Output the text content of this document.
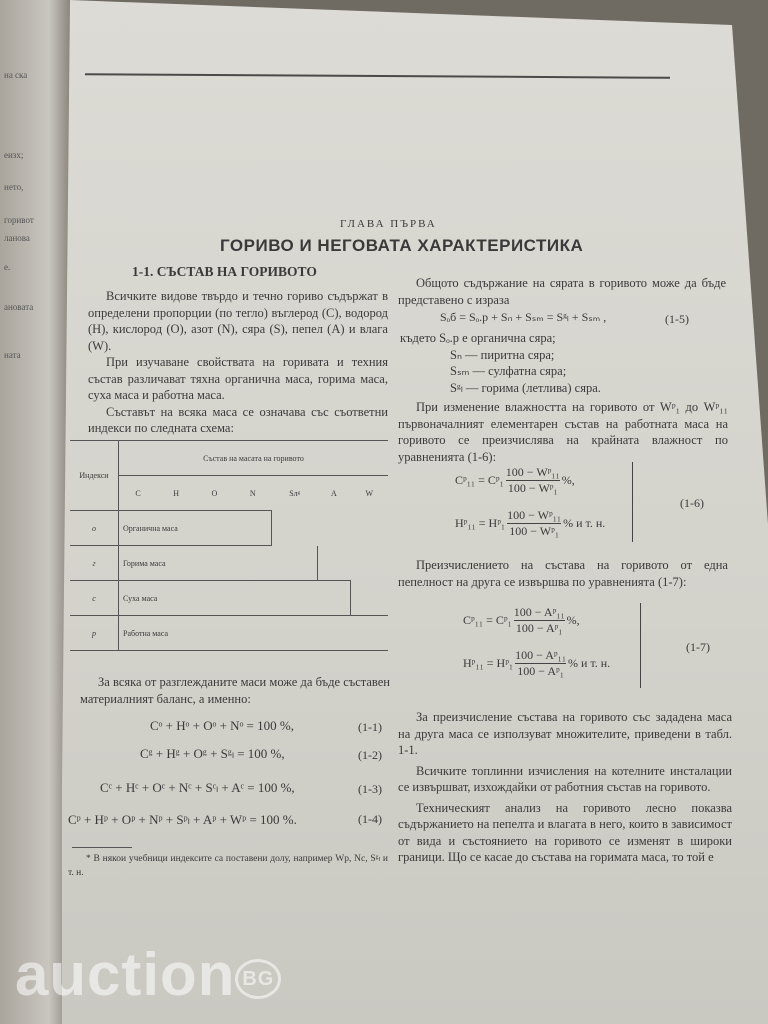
на ска
еизх;
нето,
горивот
ланова
е.
ановата
ната
ГЛАВА ПЪРВА
ГОРИВО И НЕГОВАТА ХАРАКТЕРИСТИКА
1-1. СЪСТАВ НА ГОРИВОТО

Всичките видове твърдо и течно гориво съдържат в определени пропорции (по тегло) въглерод (C), водород (H), кислород (O), азот (N), сяра (S), пепел (A) и влага (W).

При изучаване свойствата на горивата и техния състав различават тяхна органична маса, горима маса, суха маса и работна маса.

Съставът на всяка маса се означава със съответни индекси по следната схема:

Индекси	Състав на масата на горивото						
	C	H	O	N	Sлᵍ	A	W
o	Органична маса						
г	Горима маса						
c	Суха маса						
p	Работна маса						

За всяка от разглежданите маси може да бъде съставен материалният баланс, а именно:

Cᵒ + Hᵒ + Oᵒ + Nᵒ = 100 %,	(1-1)
Cᵍ + Hᵍ + Oᵍ + Sᵍₗ = 100 %,	(1-2)
Cᶜ + Hᶜ + Oᶜ + Nᶜ + Sᶜₗ + Aᶜ = 100 %,	(1-3)
Cᵖ + Hᵖ + Oᵖ + Nᵖ + Sᵖₗ + Aᵖ + Wᵖ = 100 %.	(1-4)

* В някои учебници индексите са поставени долу, например Wр, Nс, Sᵍₗ и т. н.

Общото съдържание на сярата в горивото може да бъде представено с израза

Sₒб = Sₒ.р + Sₙ + Sₛₘ = Sᵍₗ + Sₛₘ ,	(1-5)
където Sₒ.р е органична сяра;
Sₙ — пиритна сяра;
Sₛₘ — сулфатна сяра;
Sᵍₗ — горима (летлива) сяра.

При изменение влажността на горивото от Wᵖ₁ до Wᵖ₁₁ първоначалният елементарен състав на работната маса на горивото се преизчислява на крайната влажност по уравненията (1-6):

Cᵖ₁₁ = Cᵖ₁ $\frac{\text{100 − Wᵖ₁₁}}{\text{100 − Wᵖ₁}}$ %,
Hᵖ₁₁ = Hᵖ₁ $\frac{\text{100 − Wᵖ₁₁}}{\text{100 − Wᵖ₁}}$ % и т. н.
(1-6)

Преизчислението на състава на горивото от една пепелност на друга се извършва по уравненията (1-7):

Cᵖ₁₁ = Cᵖ₁ $\frac{\text{100 − Aᵖ₁₁}}{\text{100 − Aᵖ₁}}$ %,
Hᵖ₁₁ = Hᵖ₁ $\frac{\text{100 − Aᵖ₁₁}}{\text{100 − Aᵖ₁}}$ % и т. н.
(1-7)

За преизчисление състава на горивото със зададена маса на друга маса се използуват множителите, приведени в табл. 1-1.

Всичките топлинни изчисления на котелните инсталации се извършват, изхождайки от работния състав на горивото.

Техническият анализ на горивото лесно показва съдържанието на пепелта и влагата в него, които в зависимост от вида и състоянието на горивото се изменят в широки граници. Що се касае до състава на горимата маса, то той е

auction BG
